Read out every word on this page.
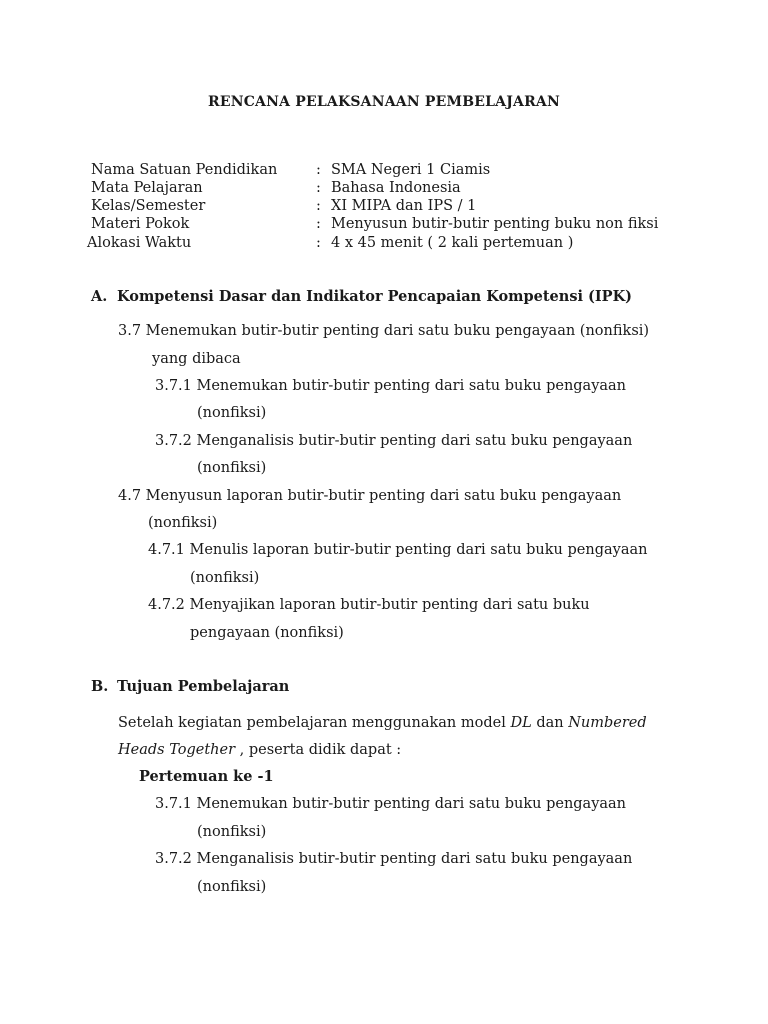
RENCANA PELAKSANAAN PEMBELAJARAN
Nama Satuan Pendidikan	: SMA Negeri 1 Ciamis
Mata Pelajaran	: Bahasa Indonesia
Kelas/Semester	: XI MIPA dan IPS / 1
Materi Pokok	: Menyusun butir-butir penting buku non fiksi
Alokasi Waktu	: 4 x 45 menit ( 2 kali pertemuan )
A. Kompetensi Dasar dan Indikator Pencapaian Kompetensi (IPK)
3.7 Menemukan butir-butir penting dari satu buku pengayaan (nonfiksi)
yang dibaca
3.7.1 Menemukan butir-butir penting dari satu buku pengayaan
(nonfiksi)
3.7.2 Menganalisis butir-butir penting dari satu buku pengayaan
(nonfiksi)
4.7 Menyusun laporan butir-butir penting dari satu buku pengayaan
(nonfiksi)
4.7.1 Menulis laporan butir-butir penting dari satu buku pengayaan
(nonfiksi)
4.7.2 Menyajikan laporan butir-butir penting dari satu buku
pengayaan (nonfiksi)
B. Tujuan Pembelajaran
Setelah kegiatan pembelajaran menggunakan model DL dan Numbered
Heads Together , peserta didik dapat :
Pertemuan ke -1
3.7.1 Menemukan butir-butir penting dari satu buku pengayaan
(nonfiksi)
3.7.2 Menganalisis butir-butir penting dari satu buku pengayaan
(nonfiksi)
